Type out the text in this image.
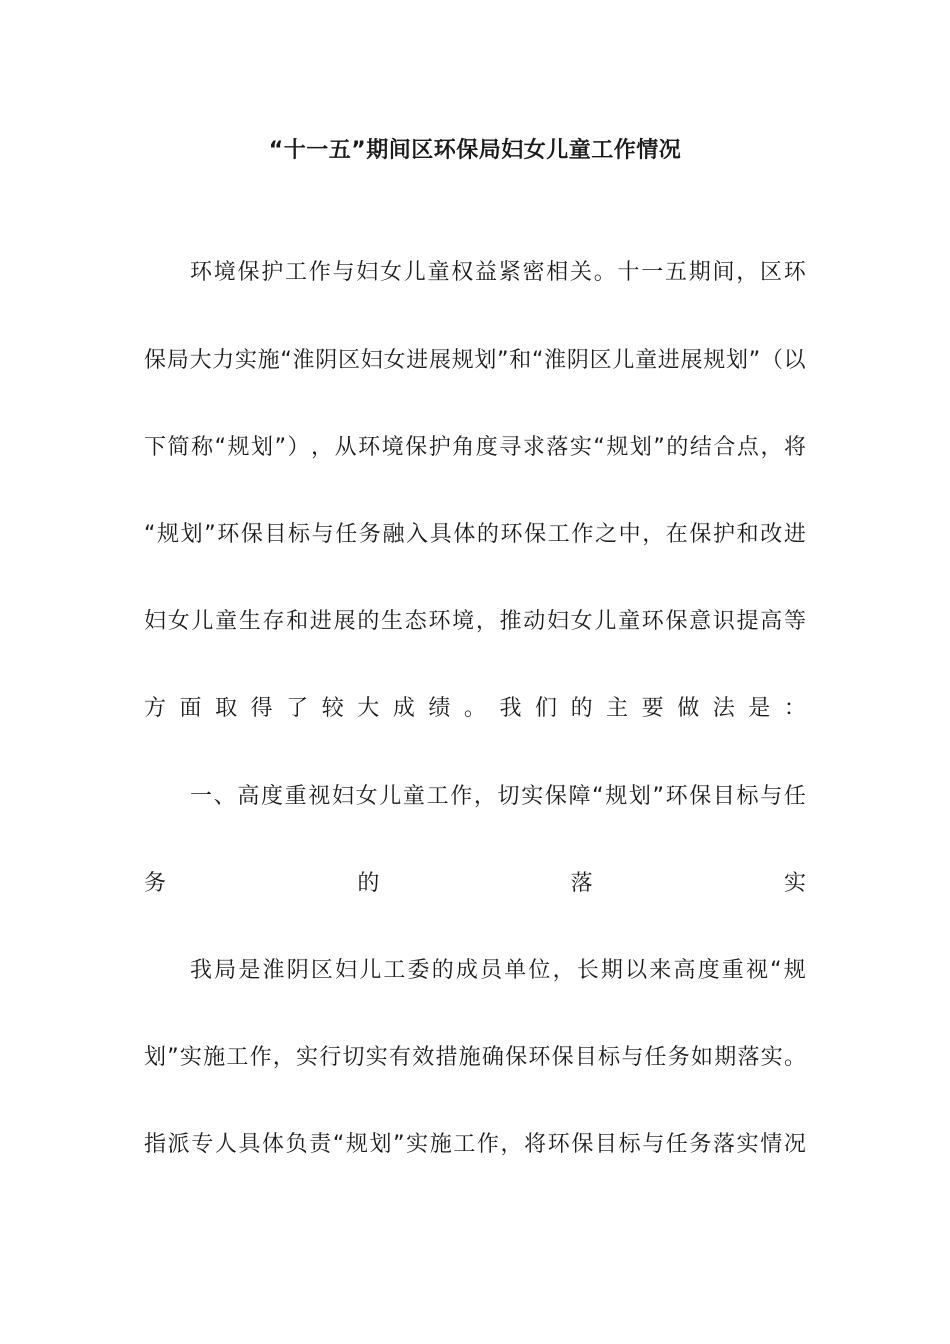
“十一五”期间区环保局妇女儿童工作情况
环 境 保 护 工 作 与 妇 女 儿 童 权 益 紧 密 相 关 。 十 一 五 期 间 ， 区 环
保 局 大 力 实 施 “ 淮 阴 区 妇 女 进 展 规 划 ” 和 “ 淮 阴 区 儿 童 进 展 规 划 ” （ 以
下 简 称 “ 规 划 ” ） ， 从 环 境 保 护 角 度 寻 求 落 实 “ 规 划 ” 的 结 合 点 ， 将
“ 规 划 ” 环 保 目 标 与 任 务 融 入 具 体 的 环 保 工 作 之 中 ， 在 保 护 和 改 进
妇 女 儿 童 生 存 和 进 展 的 生 态 环 境 ， 推 动 妇 女 儿 童 环 保 意 识 提 高 等
方 面 取 得 了 较 大 成 绩 。 我 们 的 主 要 做 法 是 ：
一 、 高 度 重 视 妇 女 儿 童 工 作 ， 切 实 保 障 “ 规 划 ” 环 保 目 标 与 任
务	的	落	实
我 局 是 淮 阴 区 妇 儿 工 委 的 成 员 单 位 ， 长 期 以 来 高 度 重 视 “ 规
划 ” 实 施 工 作 ， 实 行 切 实 有 效 措 施 确 保 环 保 目 标 与 任 务 如 期 落 实 。
指 派 专 人 具 体 负 责 “ 规 划 ” 实 施 工 作 ， 将 环 保 目 标 与 任 务 落 实 情 况
